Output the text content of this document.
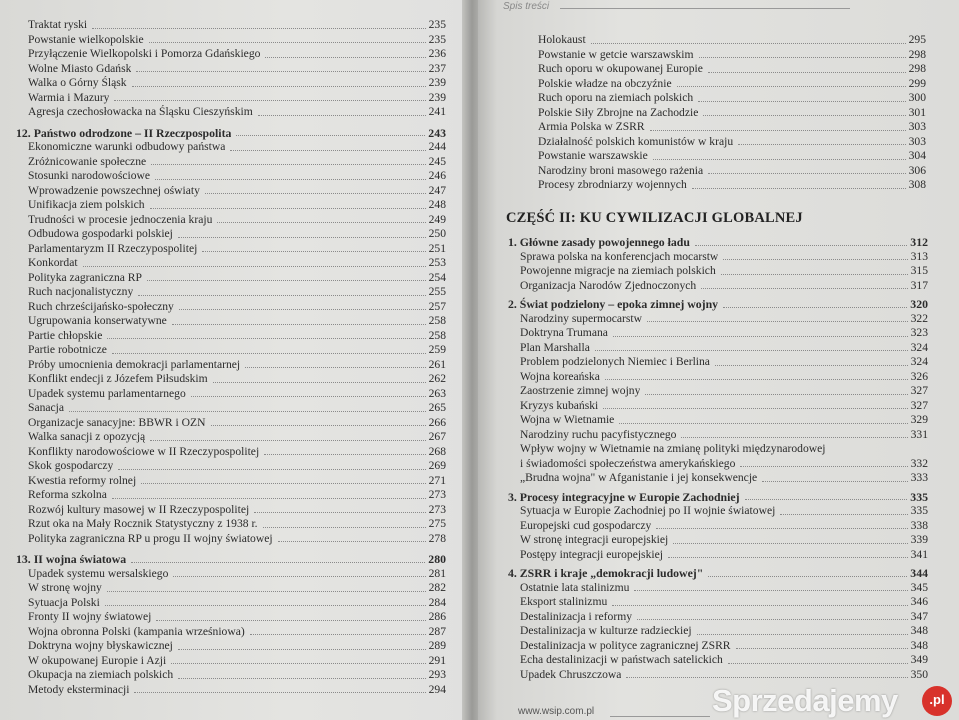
Traktat ryski	235
Powstanie wielkopolskie	235
Przyłączenie Wielkopolski i Pomorza Gdańskiego	236
Wolne Miasto Gdańsk	237
Walka o Górny Śląsk	239
Warmia i Mazury	239
Agresja czechosłowacka na Śląsku Cieszyńskim	241
12. Państwo odrodzone – II Rzeczpospolita	243
Ekonomiczne warunki odbudowy państwa	244
Zróżnicowanie społeczne	245
Stosunki narodowościowe	246
Wprowadzenie powszechnej oświaty	247
Unifikacja ziem polskich	248
Trudności w procesie jednoczenia kraju	249
Odbudowa gospodarki polskiej	250
Parlamentaryzm II Rzeczypospolitej	251
Konkordat	253
Polityka zagraniczna RP	254
Ruch nacjonalistyczny	255
Ruch chrześcijańsko-społeczny	257
Ugrupowania konserwatywne	258
Partie chłopskie	258
Partie robotnicze	259
Próby umocnienia demokracji parlamentarnej	261
Konflikt endecji z Józefem Piłsudskim	262
Upadek systemu parlamentarnego	263
Sanacja	265
Organizacje sanacyjne: BBWR i OZN	266
Walka sanacji z opozycją	267
Konflikty narodowościowe w II Rzeczypospolitej	268
Skok gospodarczy	269
Kwestia reformy rolnej	271
Reforma szkolna	273
Rozwój kultury masowej w II Rzeczypospolitej	273
Rzut oka na Mały Rocznik Statystyczny z 1938 r.	275
Polityka zagraniczna RP u progu II wojny światowej	278
13. II wojna światowa	280
Upadek systemu wersalskiego	281
W stronę wojny	282
Sytuacja Polski	284
Fronty II wojny światowej	286
Wojna obronna Polski (kampania wrześniowa)	287
Doktryna wojny błyskawicznej	289
W okupowanej Europie i Azji	291
Okupacja na ziemiach polskich	293
Metody eksterminacji	294
Spis treści
Holokaust	295
Powstanie w getcie warszawskim	298
Ruch oporu w okupowanej Europie	298
Polskie władze na obczyźnie	299
Ruch oporu na ziemiach polskich	300
Polskie Siły Zbrojne na Zachodzie	301
Armia Polska w ZSRR	303
Działalność polskich komunistów w kraju	303
Powstanie warszawskie	304
Narodziny broni masowego rażenia	306
Procesy zbrodniarzy wojennych	308
CZĘŚĆ II: KU CYWILIZACJI GLOBALNEJ
1. Główne zasady powojennego ładu	312
Sprawa polska na konferencjach mocarstw	313
Powojenne migracje na ziemiach polskich	315
Organizacja Narodów Zjednoczonych	317
2. Świat podzielony – epoka zimnej wojny	320
Narodziny supermocarstw	322
Doktryna Trumana	323
Plan Marshalla	324
Problem podzielonych Niemiec i Berlina	324
Wojna koreańska	326
Zaostrzenie zimnej wojny	327
Kryzys kubański	327
Wojna w Wietnamie	329
Narodziny ruchu pacyfistycznego	331
Wpływ wojny w Wietnamie na zmianę polityki międzynarodowej
i świadomości społeczeństwa amerykańskiego	332
„Brudna wojna" w Afganistanie i jej konsekwencje	333
3. Procesy integracyjne w Europie Zachodniej	335
Sytuacja w Europie Zachodniej po II wojnie światowej	335
Europejski cud gospodarczy	338
W stronę integracji europejskiej	339
Postępy integracji europejskiej	341
4. ZSRR i kraje „demokracji ludowej"	344
Ostatnie lata stalinizmu	345
Eksport stalinizmu	346
Destalinizacja i reformy	347
Destalinizacja w kulturze radzieckiej	348
Destalinizacja w polityce zagranicznej ZSRR	348
Echa destalinizacji w państwach satelickich	349
Upadek Chruszczowa	350
www.wsip.com.pl	Sprzedajemy	.pl
